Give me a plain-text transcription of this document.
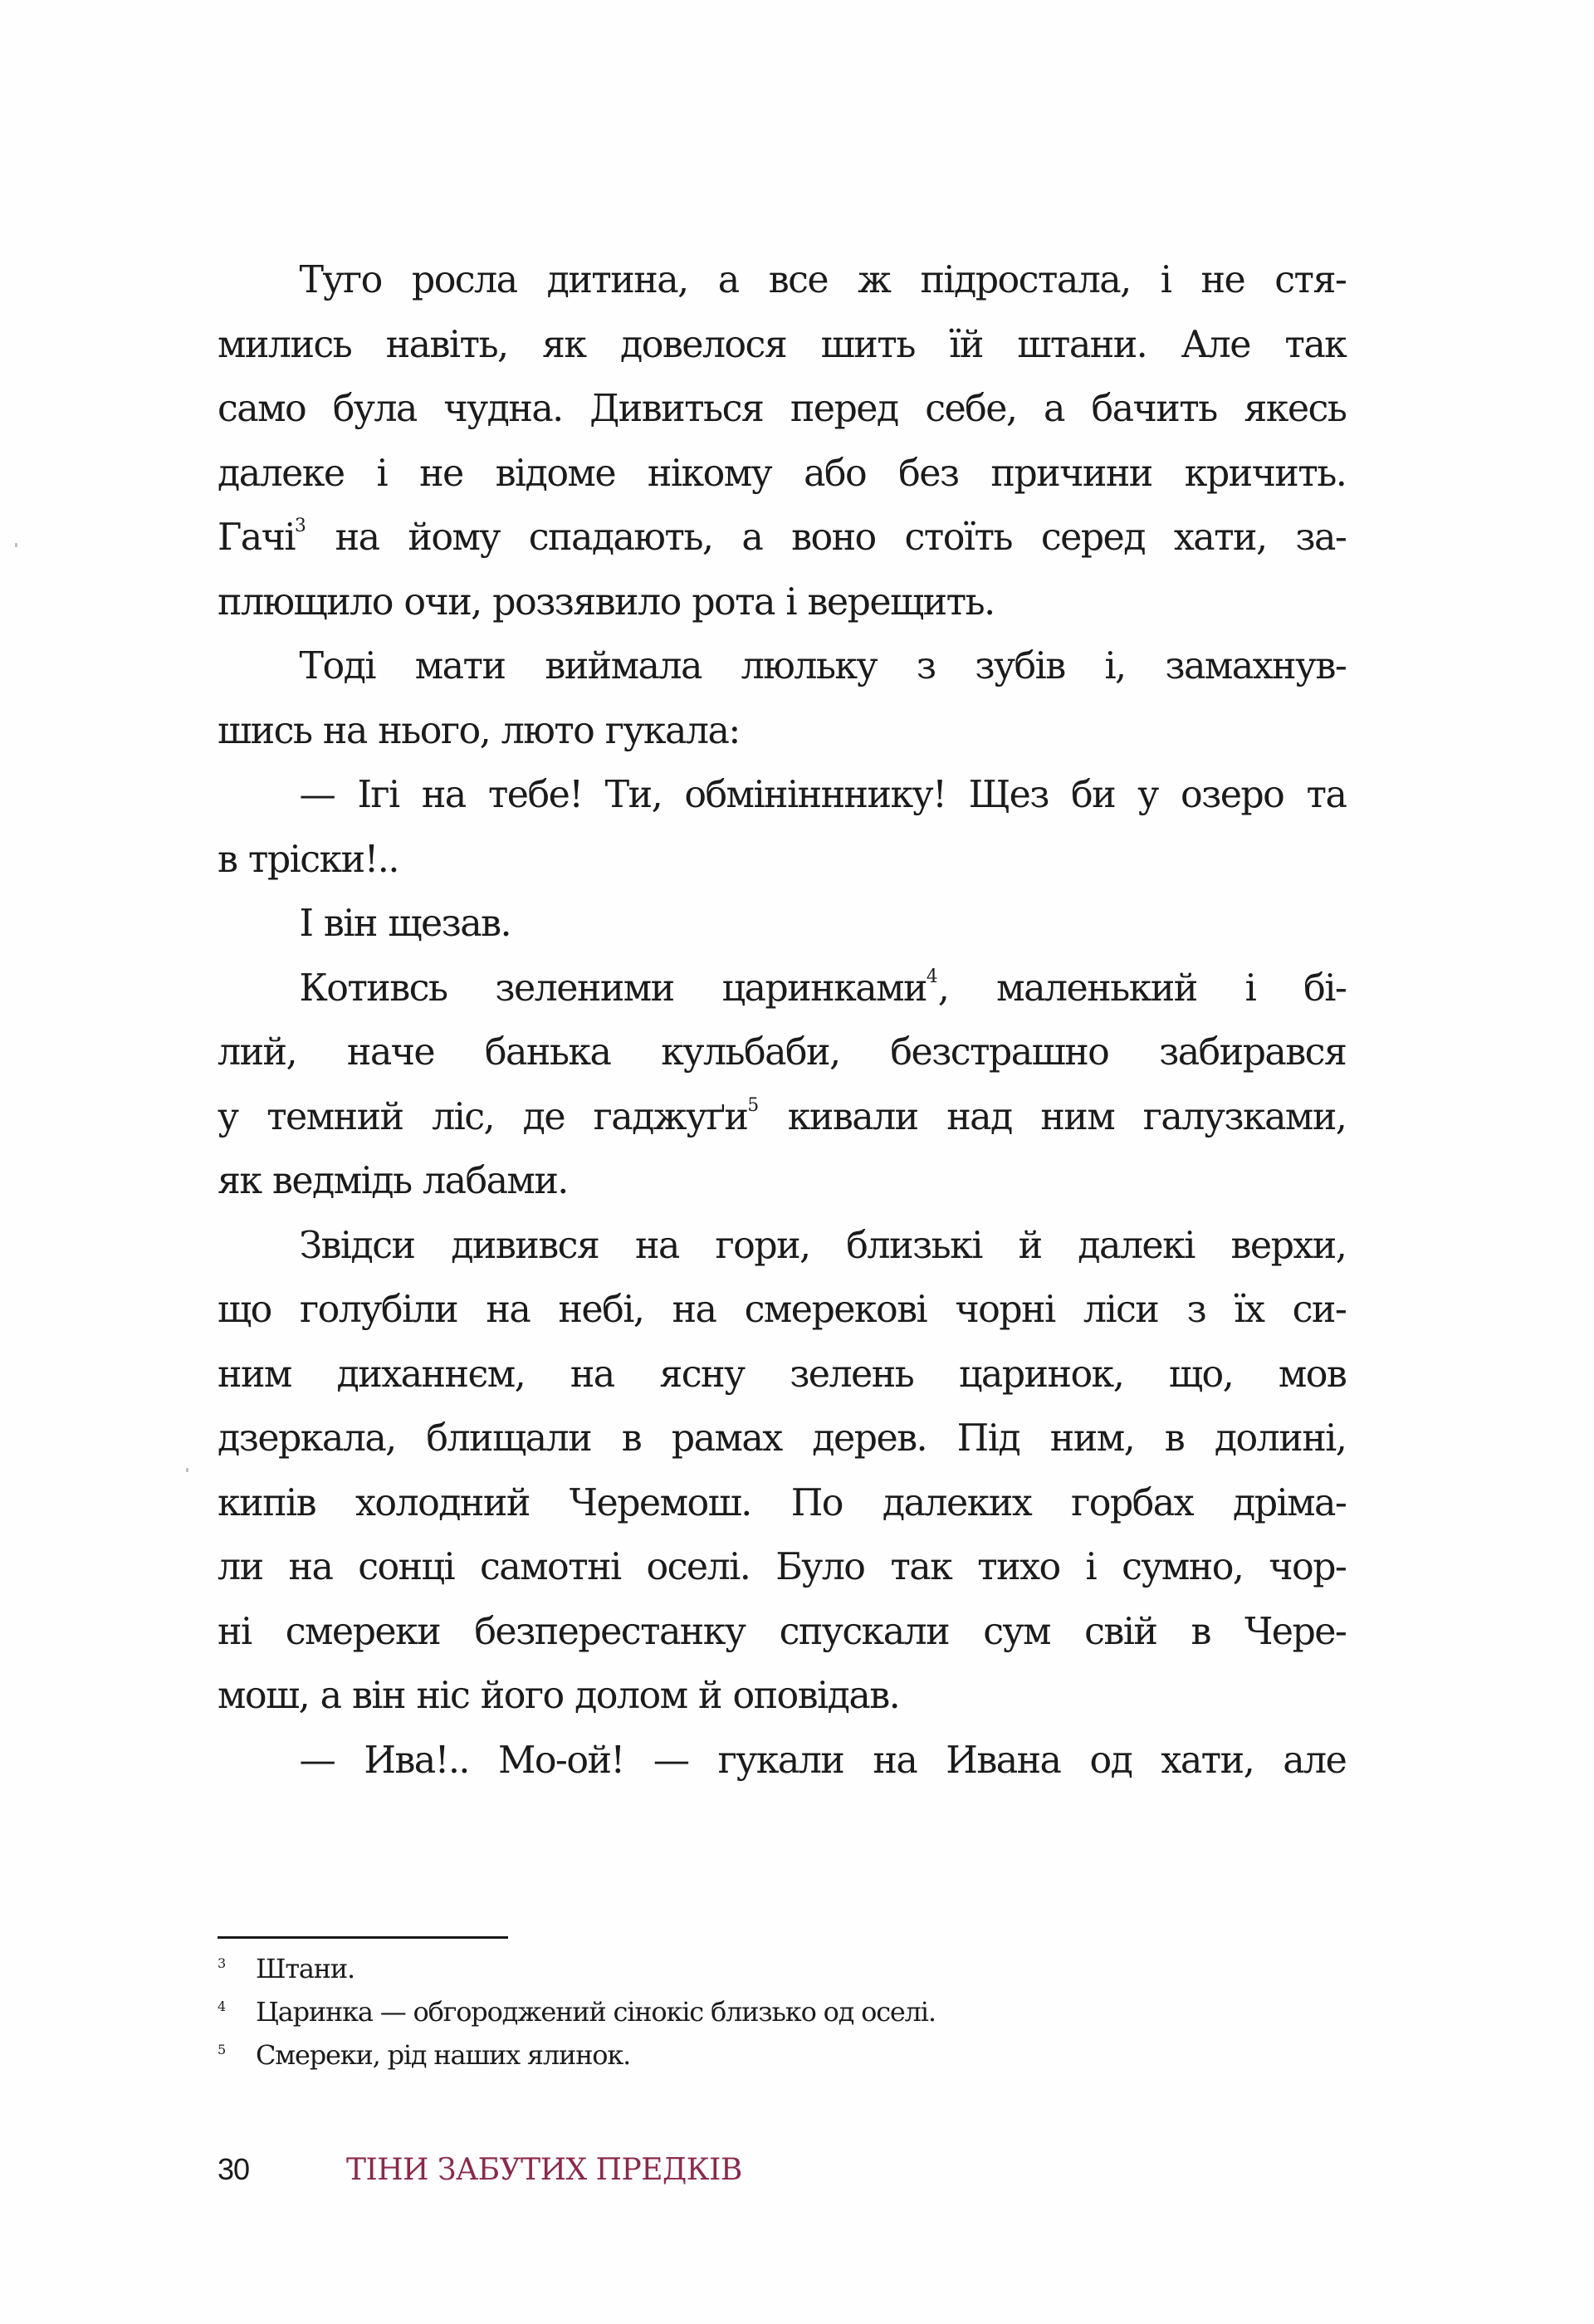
Туго росла дитина, а все ж підростала, і не стя-
мились навіть, як довелося шить їй штани. Але так
само була чудна. Дивиться перед себе, а бачить якесь
далеке і не відоме нікому або без причини кричить.
Гачі$^3$ на йому спадають, а воно стоїть серед хати, за-
плющило очи, роззявило рота і верещить.
Тоді мати виймала люльку з зубів і, замахнув-
шись на нього, люто гукала:
— Ігі на тебе! Ти, обмінінннику! Щез би у озеро та
в тріски!..
І він щезав.
Котивсь зеленими царинками$^4$, маленький і бі-
лий, наче банька кульбаби, безстрашно забирався
у темний ліс, де гаджуґи$^5$ кивали над ним галузками,
як ведмідь лабами.
Звідси дивився на гори, близькі й далекі верхи,
що голубіли на небі, на смерекові чорні ліси з їх си-
ним диханнєм, на ясну зелень царинок, що, мов
дзеркала, блищали в рамах дерев. Під ним, в долині,
кипів холодний Черемош. По далеких горбах дріма-
ли на сонці самотні оселі. Було так тихо і сумно, чор-
ні смереки безперестанку спускали сум свій в Чере-
мош, а він ніс його долом й оповідав.
— Ива!.. Мо-ой! — гукали на Ивана од хати, але
3	Штани.
4	Царинка — обгороджений сінокіс близько од оселі.
5	Смереки, рід наших ялинок.
30	ТІНИ ЗАБУТИХ ПРЕДКІВ
